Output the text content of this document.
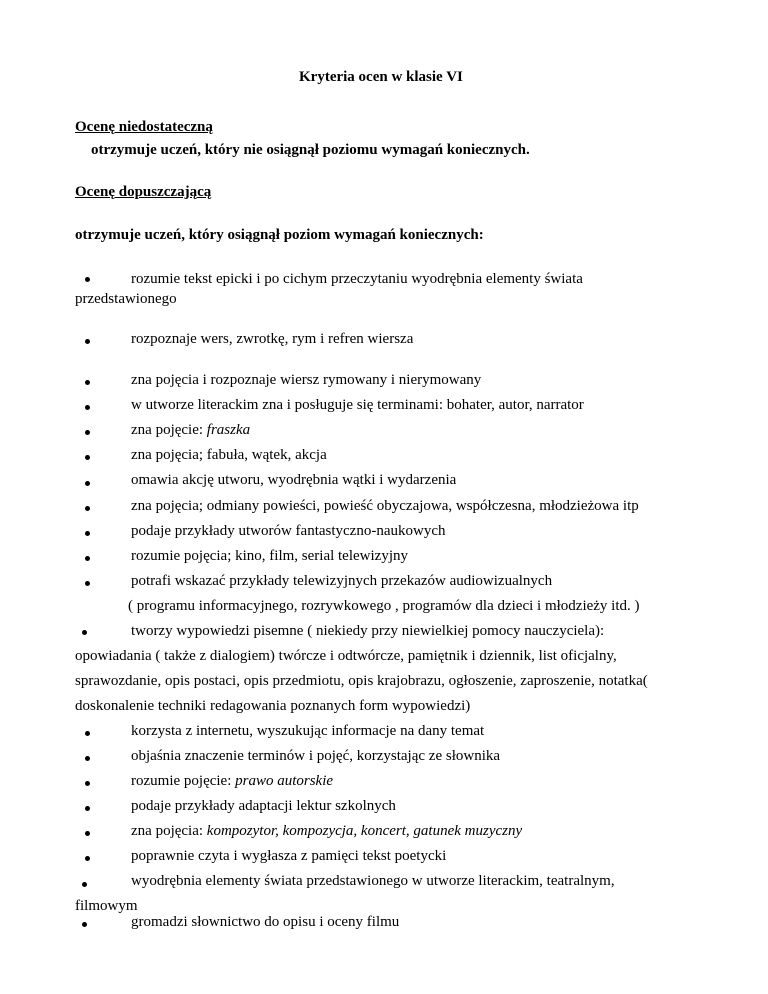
Kryteria ocen w klasie VI
Ocenę niedostateczną
otrzymuje uczeń, który nie osiągnął poziomu wymagań koniecznych.
Ocenę dopuszczającą
otrzymuje uczeń, który osiągnął poziom wymagań koniecznych:
rozumie tekst epicki i po cichym przeczytaniu wyodrębnia elementy świata
przedstawionego
rozpoznaje wers, zwrotkę, rym i refren wiersza
zna pojęcia i rozpoznaje wiersz rymowany i nierymowany
w utworze literackim zna i posługuje się terminami: bohater, autor, narrator
zna pojęcie: fraszka
zna pojęcia; fabuła, wątek, akcja
omawia akcję utworu, wyodrębnia wątki i wydarzenia
zna pojęcia; odmiany powieści, powieść obyczajowa, współczesna, młodzieżowa itp
podaje przykłady utworów fantastyczno-naukowych
rozumie pojęcia; kino, film, serial telewizyjny
potrafi wskazać przykłady telewizyjnych przekazów audiowizualnych
( programu informacyjnego, rozrywkowego , programów dla dzieci i młodzieży itd. )
tworzy wypowiedzi pisemne ( niekiedy przy niewielkiej pomocy nauczyciela):
opowiadania ( także z dialogiem) twórcze i odtwórcze, pamiętnik i dziennik, list oficjalny,
sprawozdanie, opis postaci, opis przedmiotu, opis krajobrazu, ogłoszenie, zaproszenie, notatka(
doskonalenie techniki redagowania poznanych form wypowiedzi)
korzysta z internetu, wyszukując informacje na dany temat
objaśnia znaczenie terminów i pojęć, korzystając ze słownika
rozumie pojęcie: prawo autorskie
podaje przykłady adaptacji lektur szkolnych
zna pojęcia: kompozytor, kompozycja, koncert, gatunek muzyczny
poprawnie czyta i wygłasza z pamięci tekst poetycki
wyodrębnia elementy świata przedstawionego w utworze literackim, teatralnym,
filmowym
gromadzi słownictwo do opisu i oceny filmu
